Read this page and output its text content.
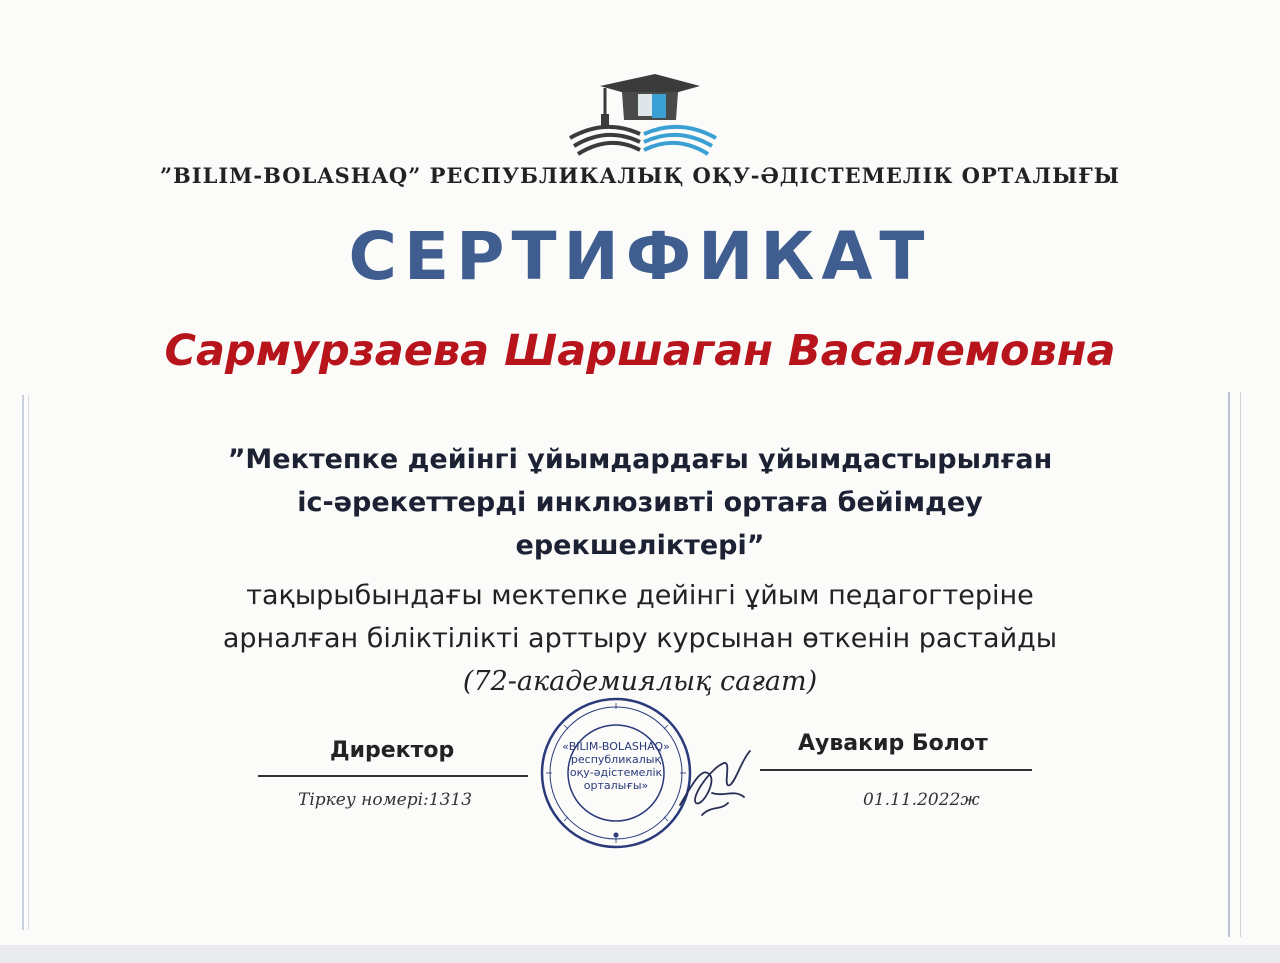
”BILIM-BOLASHAQ” РЕСПУБЛИКАЛЫҚ ОҚУ-ӘДІСТЕМЕЛІК ОРТАЛЫҒЫ
СЕРТИФИКАТ
Сармурзаева Шаршаган Васалемовна
”Мектепке дейінгі ұйымдардағы ұйымдастырылған
іс-әрекеттерді инклюзивті ортаға бейімдеу
ерекшеліктері”
тақырыбындағы мектепке дейінгі ұйым педагогтеріне
арналған біліктілікті арттыру курсынан өткенін растайды
(72-академиялық сағат)
Директор
Тіркеу номері:1313
Аувакир Болот
01.11.2022ж
«BILIM-BOLASHAQ»
республикалық
оқу-әдістемелік
орталығы»
